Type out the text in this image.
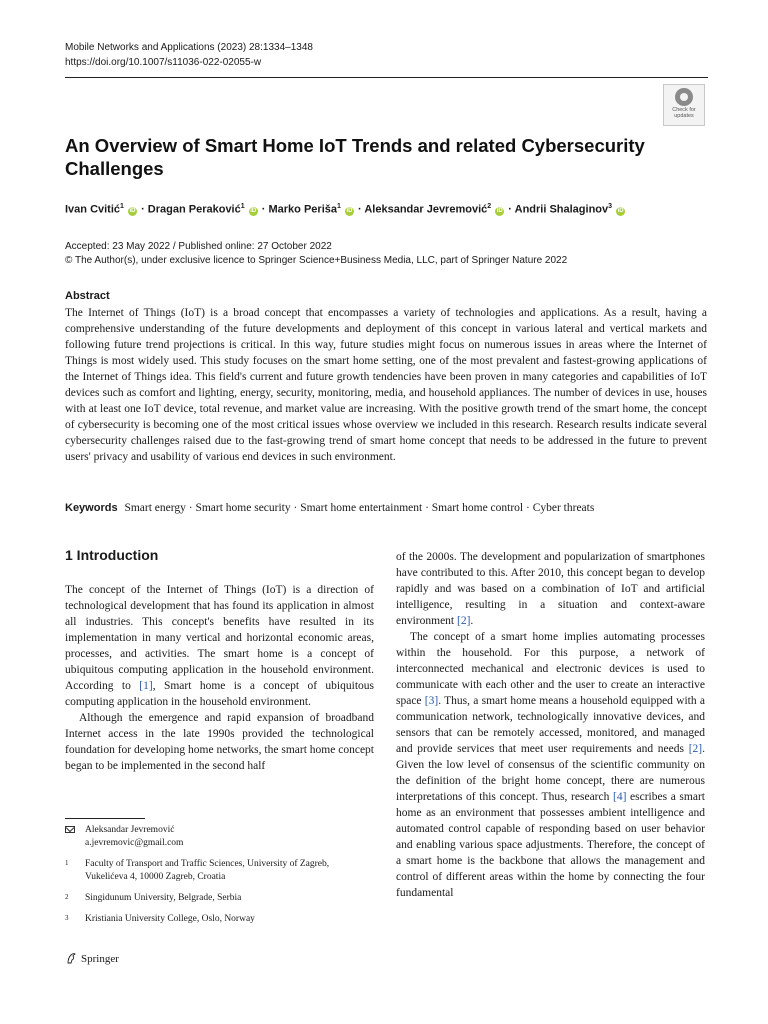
Mobile Networks and Applications (2023) 28:1334–1348
https://doi.org/10.1007/s11036-022-02055-w
Check for
updates
An Overview of Smart Home IoT Trends and related Cybersecurity Challenges
Ivan Cvitić$^1$ iD · Dragan Peraković$^1$ iD · Marko Periša$^1$ iD · Aleksandar Jevremović$^2$ iD · Andrii Shalaginov$^3$ iD
Accepted: 23 May 2022 / Published online: 27 October 2022
© The Author(s), under exclusive licence to Springer Science+Business Media, LLC, part of Springer Nature 2022
Abstract
The Internet of Things (IoT) is a broad concept that encompasses a variety of technologies and applications. As a result, having a comprehensive understanding of the future developments and deployment of this concept in various lateral and vertical markets and following future trend projections is critical. In this way, future studies might focus on numerous issues in areas where the Internet of Things is most widely used. This study focuses on the smart home setting, one of the most prevalent and fastest-growing applications of the Internet of Things idea. This field's current and future growth tendencies have been proven in many categories and capabilities of IoT devices such as comfort and lighting, energy, security, monitoring, media, and household appliances. The number of devices in use, houses with at least one IoT device, total revenue, and market value are increasing. With the positive growth trend of the smart home, the concept of cybersecurity is becoming one of the most critical issues whose overview we included in this research. Research results indicate several cybersecurity challenges raised due to the fast-growing trend of smart home concept that needs to be addressed in the future to prevent users' privacy and usability of various end devices in such environment.
Keywords Smart energy · Smart home security · Smart home entertainment · Smart home control · Cyber threats
1 Introduction

The concept of the Internet of Things (IoT) is a direction of technological development that has found its application in almost all industries. This concept's benefits have resulted in its implementation in many vertical and horizontal economic areas, processes, and activities. The smart home is a concept of ubiquitous computing application in the household environment. According to [1], Smart home is a concept of ubiquitous computing application in the household environment.

Although the emergence and rapid expansion of broadband Internet access in the late 1990s provided the technological foundation for developing home networks, the smart home concept began to be implemented in the second half

of the 2000s. The development and popularization of smartphones have contributed to this. After 2010, this concept began to develop rapidly and was based on a combination of IoT and artificial intelligence, resulting in a situation and context-aware environment [2].

The concept of a smart home implies automating processes within the household. For this purpose, a network of interconnected mechanical and electronic devices is used to communicate with each other and the user to create an interactive space [3]. Thus, a smart home means a household equipped with a communication network, technologically innovative devices, and sensors that can be remotely accessed, monitored, and managed and provide services that meet user requirements and needs [2]. Given the low level of consensus of the scientific community on the definition of the bright home concept, there are numerous interpretations of this concept. Thus, research [4] escribes a smart home as an environment that possesses ambient intelligence and automated control capable of responding based on user behavior and enabling various space adjustments. Therefore, the concept of a smart home is the backbone that allows the management and control of different areas within the home by connecting the four fundamental

Aleksandar Jevremović
a.jevremovic@gmail.com
1 Faculty of Transport and Traffic Sciences, University of Zagreb, Vukelićeva 4, 10000 Zagreb, Croatia
2 Singidunum University, Belgrade, Serbia
3 Kristiania University College, Oslo, Norway
Springer
